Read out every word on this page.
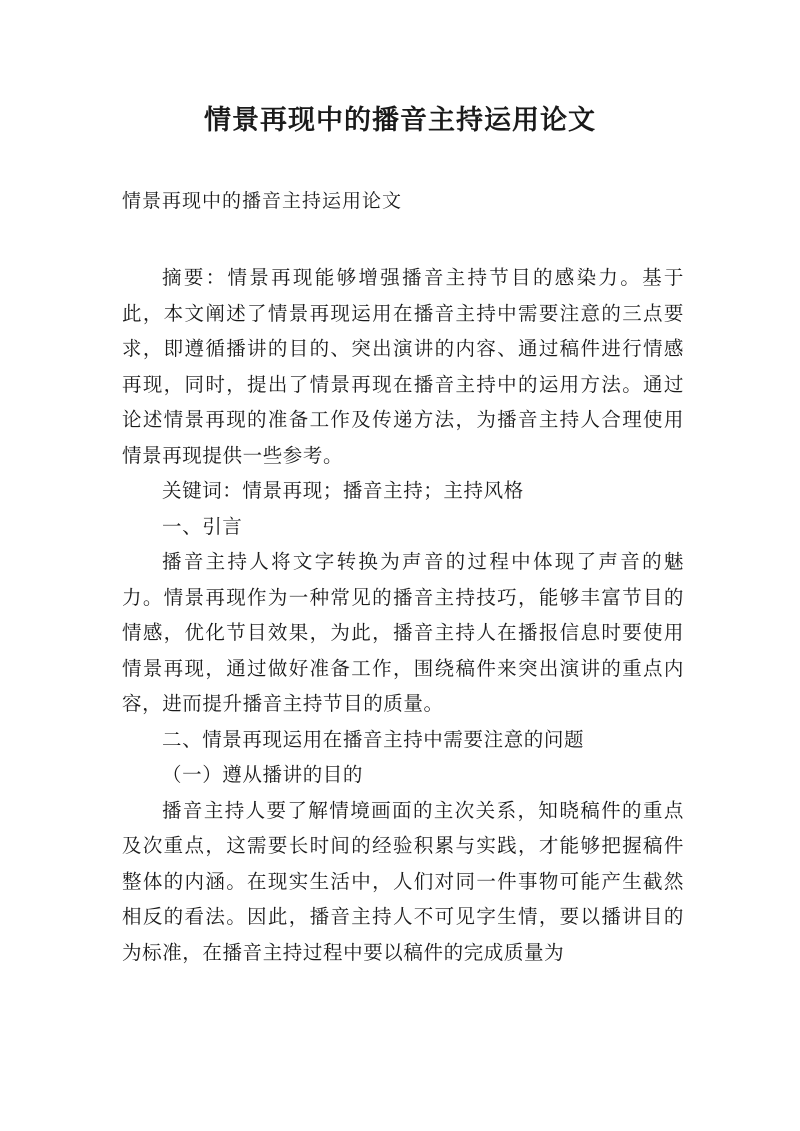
情景再现中的播音主持运用论文

情景再现中的播音主持运用论文

摘要：情景再现能够增强播音主持节目的感染力。基于此，本文阐述了情景再现运用在播音主持中需要注意的三点要求，即遵循播讲的目的、突出演讲的内容、通过稿件进行情感再现，同时，提出了情景再现在播音主持中的运用方法。通过论述情景再现的准备工作及传递方法，为播音主持人合理使用情景再现提供一些参考。

关键词：情景再现；播音主持；主持风格

一、引言

播音主持人将文字转换为声音的过程中体现了声音的魅力。情景再现作为一种常见的播音主持技巧，能够丰富节目的情感，优化节目效果，为此，播音主持人在播报信息时要使用情景再现，通过做好准备工作，围绕稿件来突出演讲的重点内容，进而提升播音主持节目的质量。

二、情景再现运用在播音主持中需要注意的问题

（一）遵从播讲的目的

播音主持人要了解情境画面的主次关系，知晓稿件的重点及次重点，这需要长时间的经验积累与实践，才能够把握稿件整体的内涵。在现实生活中，人们对同一件事物可能产生截然相反的看法。因此，播音主持人不可见字生情，要以播讲目的为标准，在播音主持过程中要以稿件的完成质量为
